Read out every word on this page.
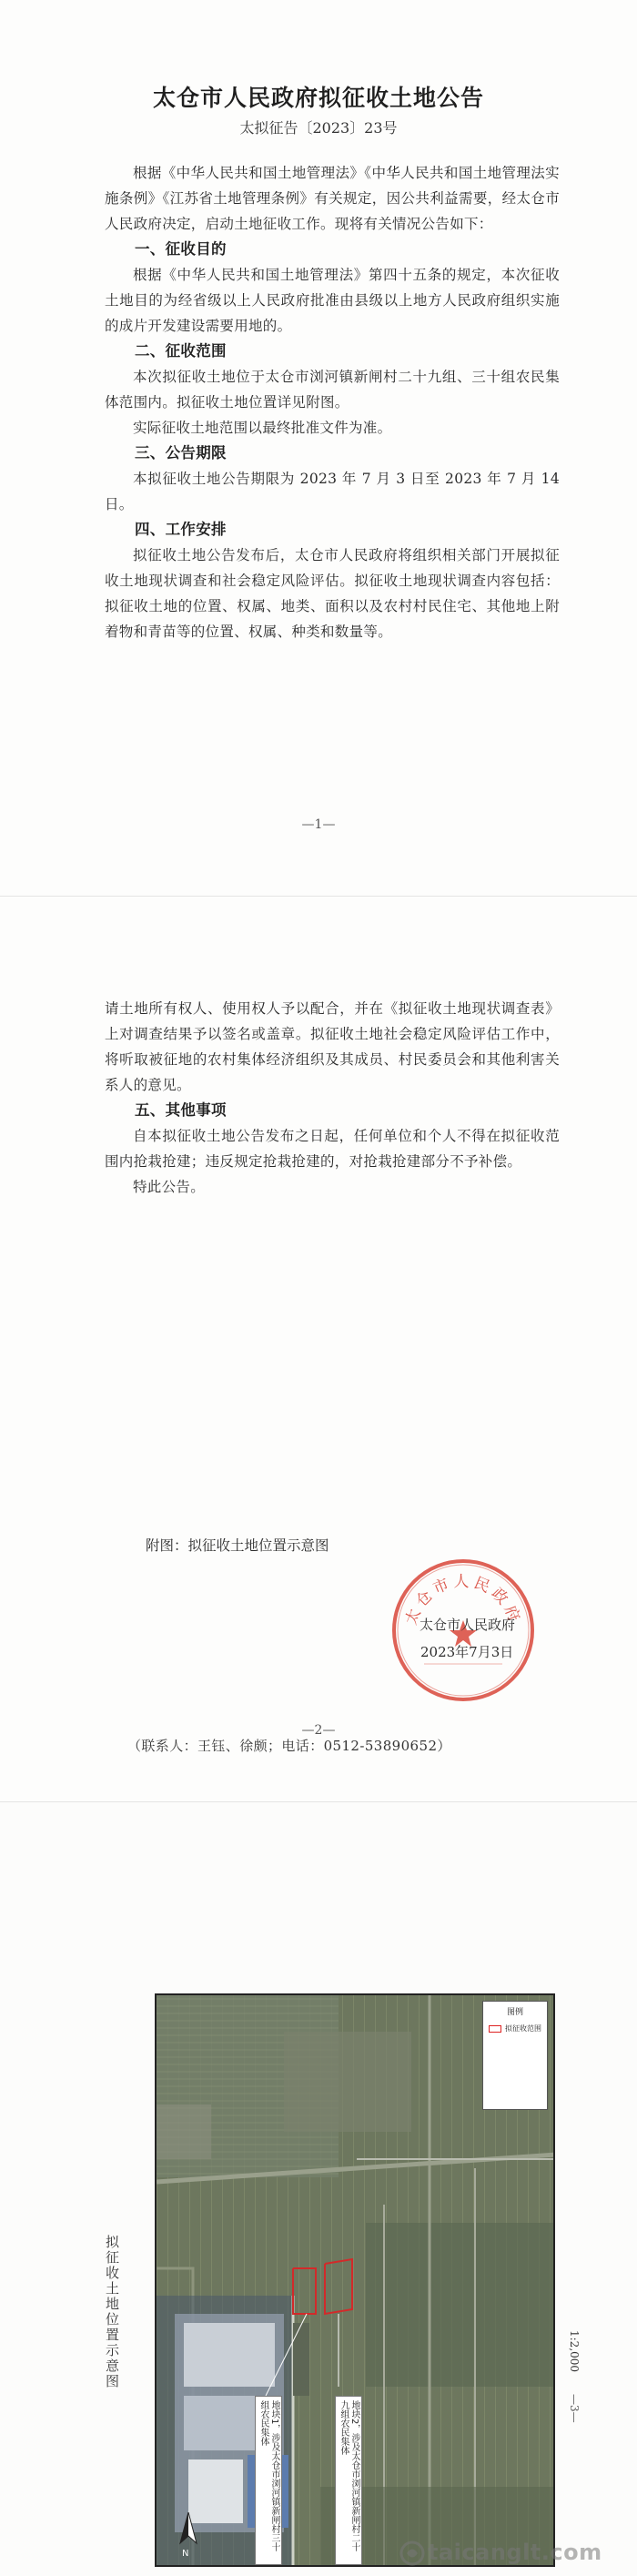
太仓市人民政府拟征收土地公告
太拟征告〔2023〕23号

根据《中华人民共和国土地管理法》《中华人民共和国土地管理法实施条例》《江苏省土地管理条例》有关规定，因公共利益需要，经太仓市人民政府决定，启动土地征收工作。现将有关情况公告如下：

一、征收目的

根据《中华人民共和国土地管理法》第四十五条的规定，本次征收土地目的为经省级以上人民政府批准由县级以上地方人民政府组织实施的成片开发建设需要用地的。

二、征收范围

本次拟征收土地位于太仓市浏河镇新闸村二十九组、三十组农民集体范围内。拟征收土地位置详见附图。

实际征收土地范围以最终批准文件为准。

三、公告期限

本拟征收土地公告期限为 2023 年 7 月 3 日至 2023 年 7 月 14 日。

四、工作安排

拟征收土地公告发布后，太仓市人民政府将组织相关部门开展拟征收土地现状调查和社会稳定风险评估。拟征收土地现状调查内容包括：拟征收土地的位置、权属、地类、面积以及农村村民住宅、其他地上附着物和青苗等的位置、权属、种类和数量等。

—1—

请土地所有权人、使用权人予以配合，并在《拟征收土地现状调查表》上对调查结果予以签名或盖章。拟征收土地社会稳定风险评估工作中，将听取被征地的农村集体经济组织及其成员、村民委员会和其他利害关系人的意见。

五、其他事项

自本拟征收土地公告发布之日起，任何单位和个人不得在拟征收范围内抢栽抢建；违反规定抢栽抢建的，对抢栽抢建部分不予补偿。

特此公告。

—2—
附图：拟征收土地位置示意图
太仓市人民政府
太仓市人民政府
2023年7月3日
（联系人：王钰、徐颇；电话：0512-53890652）
拟征收土地位置示意图	1:2,000
—3—
地块1，涉及太仓市浏河镇新闸村三十组农民集体	地块2，涉及太仓市浏河镇新闸村二十九组农民集体
图例
拟征收范围
N	taicanglt.com
